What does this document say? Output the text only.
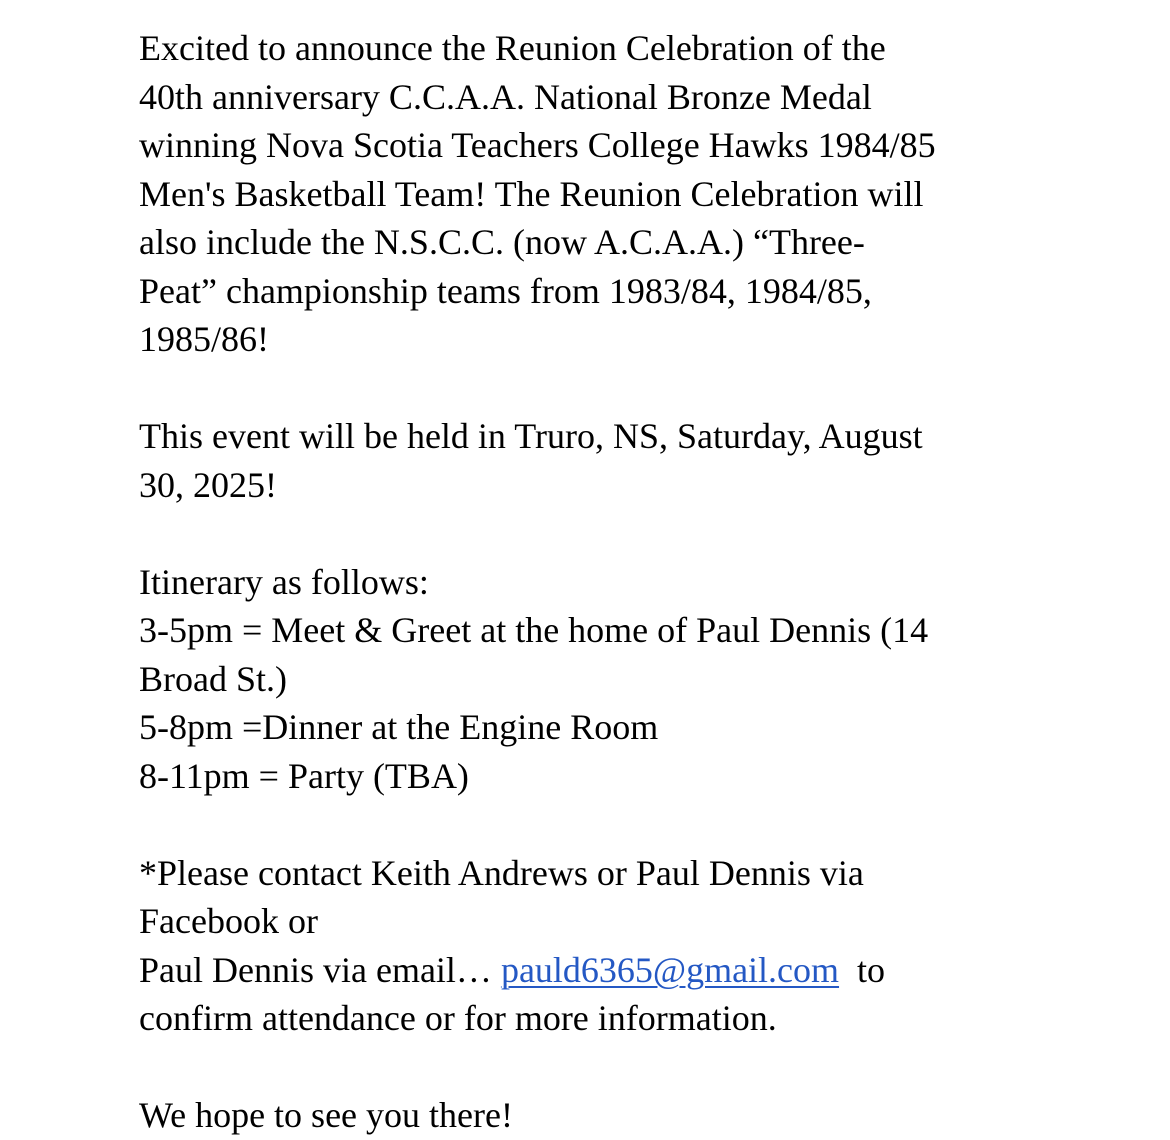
Excited to announce the Reunion Celebration of the
40th anniversary C.C.A.A. National Bronze Medal
winning Nova Scotia Teachers College Hawks 1984/85
Men's Basketball Team! The Reunion Celebration will
also include the N.S.C.C. (now A.C.A.A.) “Three-
Peat” championship teams from 1983/84, 1984/85,
1985/86!
This event will be held in Truro, NS, Saturday, August
30, 2025!
Itinerary as follows:
3-5pm = Meet & Greet at the home of Paul Dennis (14
Broad St.)
5-8pm =Dinner at the Engine Room
8-11pm = Party (TBA)
*Please contact Keith Andrews or Paul Dennis via
Facebook or
Paul Dennis via email… pauld6365@gmail.com  to
confirm attendance or for more information.
We hope to see you there!
